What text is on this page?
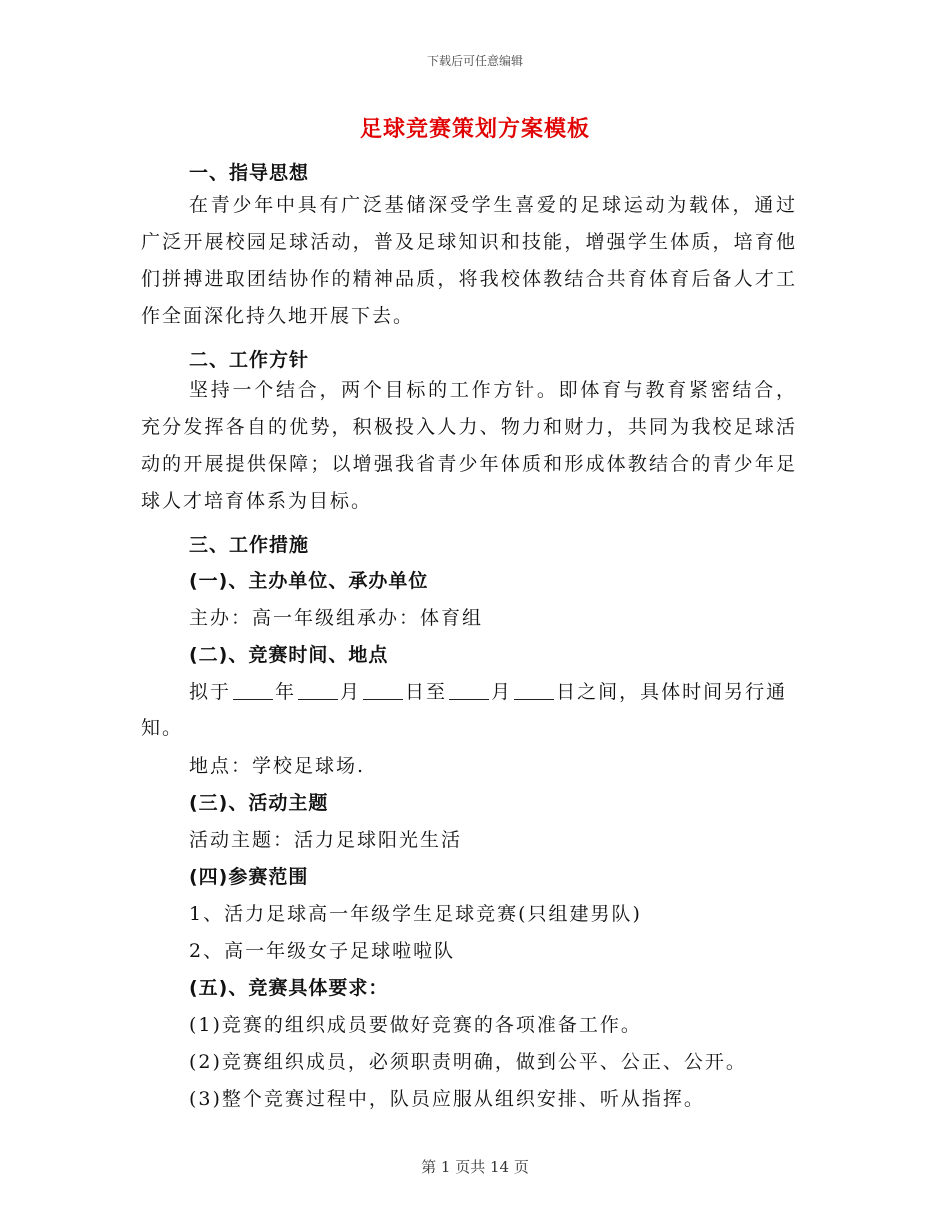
下载后可任意编辑
足球竞赛策划方案模板
一、指导思想

在青少年中具有广泛基储深受学生喜爱的足球运动为载体，通过广泛开展校园足球活动，普及足球知识和技能，增强学生体质，培育他们拼搏进取团结协作的精神品质，将我校体教结合共育体育后备人才工作全面深化持久地开展下去。

二、工作方针

坚持一个结合，两个目标的工作方针。即体育与教育紧密结合，充分发挥各自的优势，积极投入人力、物力和财力，共同为我校足球活动的开展提供保障；以增强我省青少年体质和形成体教结合的青少年足球人才培育体系为目标。

三、工作措施
(一)、主办单位、承办单位
主办：高一年级组承办：体育组
(二)、竞赛时间、地点
拟于 年 月 日至 月 日之间，具体时间另行通
知。
地点：学校足球场.
(三)、活动主题
活动主题：活力足球阳光生活
(四)参赛范围
1、活力足球高一年级学生足球竞赛(只组建男队)
2、高一年级女子足球啦啦队
(五)、竞赛具体要求：
(1)竞赛的组织成员要做好竞赛的各项准备工作。
(2)竞赛组织成员，必须职责明确，做到公平、公正、公开。
(3)整个竞赛过程中，队员应服从组织安排、听从指挥。
第 1 页共 14 页
